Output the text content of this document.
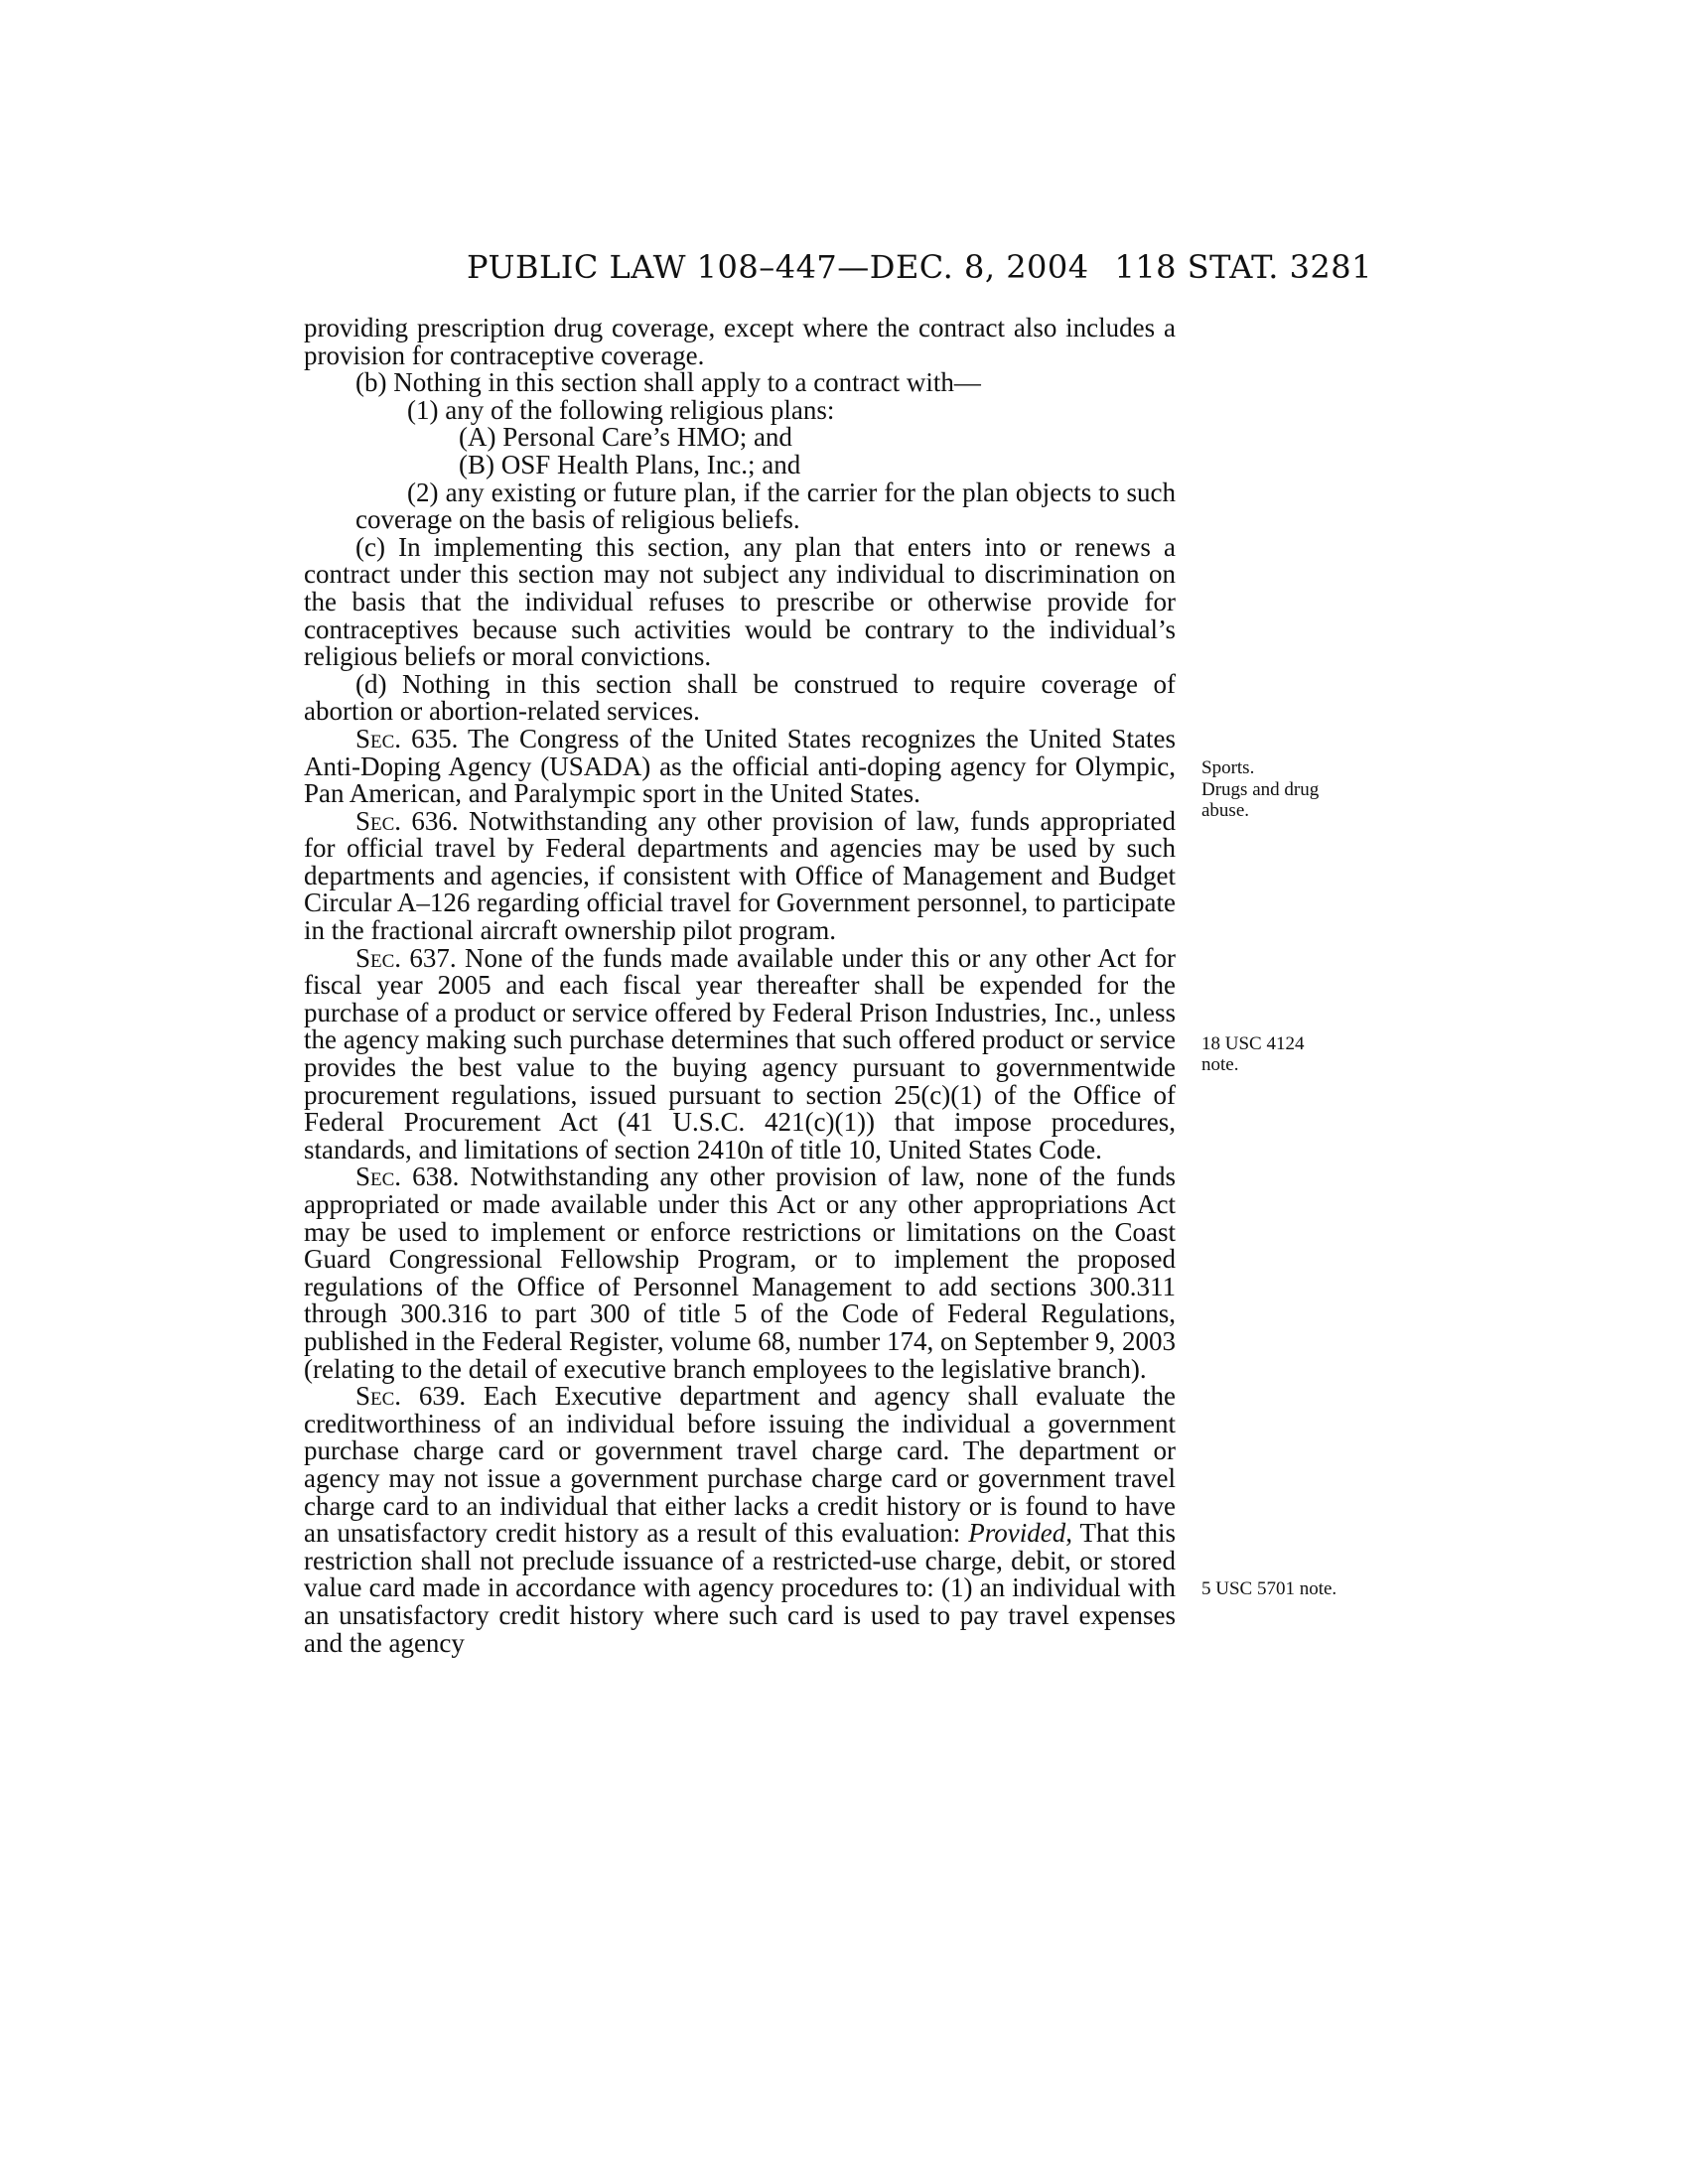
PUBLIC LAW 108–447—DEC. 8, 2004 118 STAT. 3281

providing prescription drug coverage, except where the contract also includes a provision for contraceptive coverage.

(b) Nothing in this section shall apply to a contract with—

(1) any of the following religious plans:

(A) Personal Care’s HMO; and

(B) OSF Health Plans, Inc.; and

(2) any existing or future plan, if the carrier for the plan objects to such coverage on the basis of religious beliefs.

(c) In implementing this section, any plan that enters into or renews a contract under this section may not subject any individual to discrimination on the basis that the individual refuses to prescribe or otherwise provide for contraceptives because such activities would be contrary to the individual’s religious beliefs or moral convictions.

(d) Nothing in this section shall be construed to require coverage of abortion or abortion-related services.

Sec. 635. The Congress of the United States recognizes the United States Anti-Doping Agency (USADA) as the official anti-doping agency for Olympic, Pan American, and Paralympic sport in the United States.

Sec. 636. Notwithstanding any other provision of law, funds appropriated for official travel by Federal departments and agencies may be used by such departments and agencies, if consistent with Office of Management and Budget Circular A–126 regarding official travel for Government personnel, to participate in the fractional aircraft ownership pilot program.

Sec. 637. None of the funds made available under this or any other Act for fiscal year 2005 and each fiscal year thereafter shall be expended for the purchase of a product or service offered by Federal Prison Industries, Inc., unless the agency making such purchase determines that such offered product or service provides the best value to the buying agency pursuant to governmentwide procurement regulations, issued pursuant to section 25(c)(1) of the Office of Federal Procurement Act (41 U.S.C. 421(c)(1)) that impose procedures, standards, and limitations of section 2410n of title 10, United States Code.

Sec. 638. Notwithstanding any other provision of law, none of the funds appropriated or made available under this Act or any other appropriations Act may be used to implement or enforce restrictions or limitations on the Coast Guard Congressional Fellowship Program, or to implement the proposed regulations of the Office of Personnel Management to add sections 300.311 through 300.316 to part 300 of title 5 of the Code of Federal Regulations, published in the Federal Register, volume 68, number 174, on September 9, 2003 (relating to the detail of executive branch employees to the legislative branch).

Sec. 639. Each Executive department and agency shall evaluate the creditworthiness of an individual before issuing the individual a government purchase charge card or government travel charge card. The department or agency may not issue a government purchase charge card or government travel charge card to an individual that either lacks a credit history or is found to have an unsatisfactory credit history as a result of this evaluation: Provided, That this restriction shall not preclude issuance of a restricted-use charge, debit, or stored value card made in accordance with agency procedures to: (1) an individual with an unsatisfactory credit history where such card is used to pay travel expenses and the agency

Sports.
Drugs and drug abuse.
18 USC 4124 note.
5 USC 5701 note.
